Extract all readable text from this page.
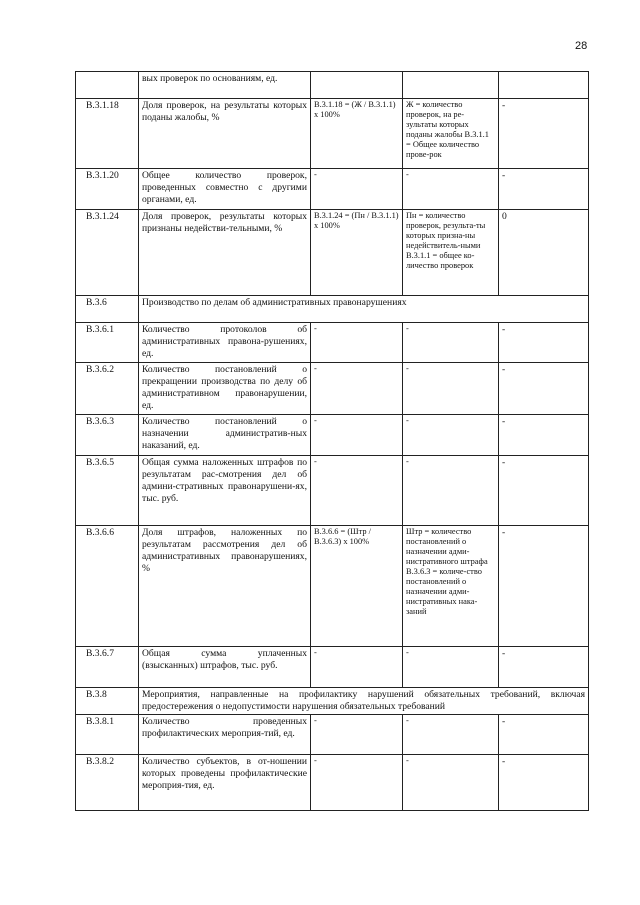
28
	вых проверок по основаниям, ед.			
В.3.1.18	Доля проверок, на результаты которых поданы жалобы, %	В.3.1.18 = (Ж / В.3.1.1) х 100%	Ж = количество проверок, на ре-зультаты которых поданы жалобы В.3.1.1 = Общее количество прове-рок	-
В.3.1.20	Общее количество проверок, проведенных совместно с другими органами, ед.	-	-	-
В.3.1.24	Доля проверок, результаты которых признаны недействи-тельными, %	В.3.1.24 = (Пн / В.3.1.1) х 100%	Пн = количество проверок, результа-ты которых призна-ны недействитель-ными В.3.1.1 = общее ко-личество проверок	0
В.3.6	Производство по делам об административных правонарушениях			
В.3.6.1	Количество протоколов об административных правона-рушениях, ед.	-	-	-
В.3.6.2	Количество постановлений о прекращении производства по делу об административном правонарушении, ед.	-	-	-
В.3.6.3	Количество постановлений о назначении административ-ных наказаний, ед.	-	-	-
В.3.6.5	Общая сумма наложенных штрафов по результатам рас-смотрения дел об админи-стративных правонарушени-ях, тыс. руб.	-	-	-
В.3.6.6	Доля штрафов, наложенных по результатам рассмотрения дел об административных правонарушениях, %	В.3.6.6 = (Штр / В.3.6.3) х 100%	Штр = количество постановлений о назначении адми-нистративного штрафа В.3.6.3 = количе-ство постановлений о назначении адми-нистративных нака-заний	-
В.3.6.7	Общая сумма уплаченных (взысканных) штрафов, тыс. руб.	-	-	-
В.3.8	Мероприятия, направленные на профилактику нарушений обязательных требований, включая предостережения о недопустимости нарушения обязательных требований			
В.3.8.1	Количество проведенных профилактических мероприя-тий, ед.	-	-	-
В.3.8.2	Количество субъектов, в от-ношении которых проведены профилактические мероприя-тия, ед.	-	-	-
